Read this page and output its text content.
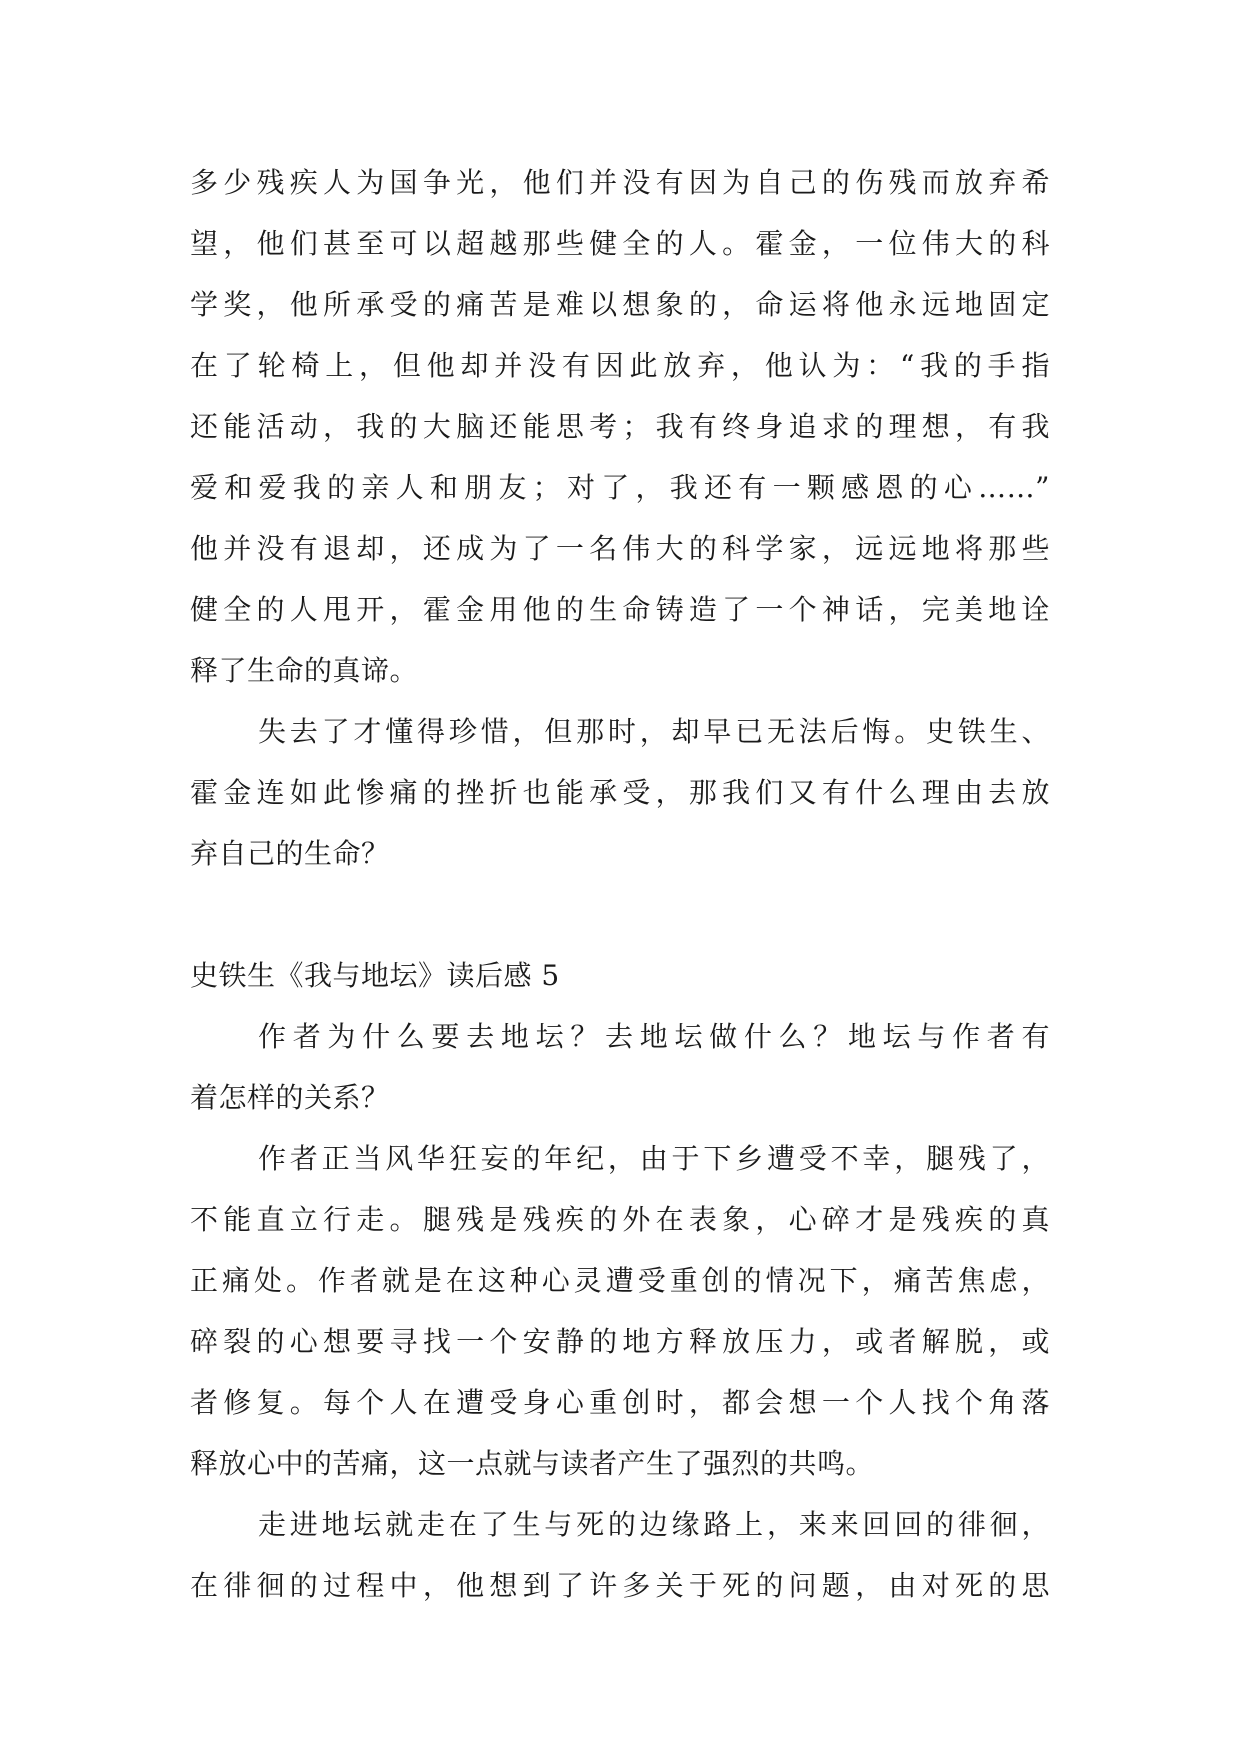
多少残疾人为国争光，他们并没有因为自己的伤残而放弃希
望，他们甚至可以超越那些健全的人。霍金，一位伟大的科
学奖，他所承受的痛苦是难以想象的，命运将他永远地固定
在了轮椅上，但他却并没有因此放弃，他认为：“我的手指
还能活动，我的大脑还能思考；我有终身追求的理想，有我
爱和爱我的亲人和朋友；对了，我还有一颗感恩的心……”
他并没有退却，还成为了一名伟大的科学家，远远地将那些
健全的人甩开，霍金用他的生命铸造了一个神话，完美地诠
释了生命的真谛。
失去了才懂得珍惜，但那时，却早已无法后悔。史铁生、
霍金连如此惨痛的挫折也能承受，那我们又有什么理由去放
弃自己的生命？
史铁生《我与地坛》读后感 5
作者为什么要去地坛？去地坛做什么？地坛与作者有
着怎样的关系？
作者正当风华狂妄的年纪，由于下乡遭受不幸，腿残了，
不能直立行走。腿残是残疾的外在表象，心碎才是残疾的真
正痛处。作者就是在这种心灵遭受重创的情况下，痛苦焦虑，
碎裂的心想要寻找一个安静的地方释放压力，或者解脱，或
者修复。每个人在遭受身心重创时，都会想一个人找个角落
释放心中的苦痛，这一点就与读者产生了强烈的共鸣。
走进地坛就走在了生与死的边缘路上，来来回回的徘徊，
在徘徊的过程中，他想到了许多关于死的问题，由对死的思
